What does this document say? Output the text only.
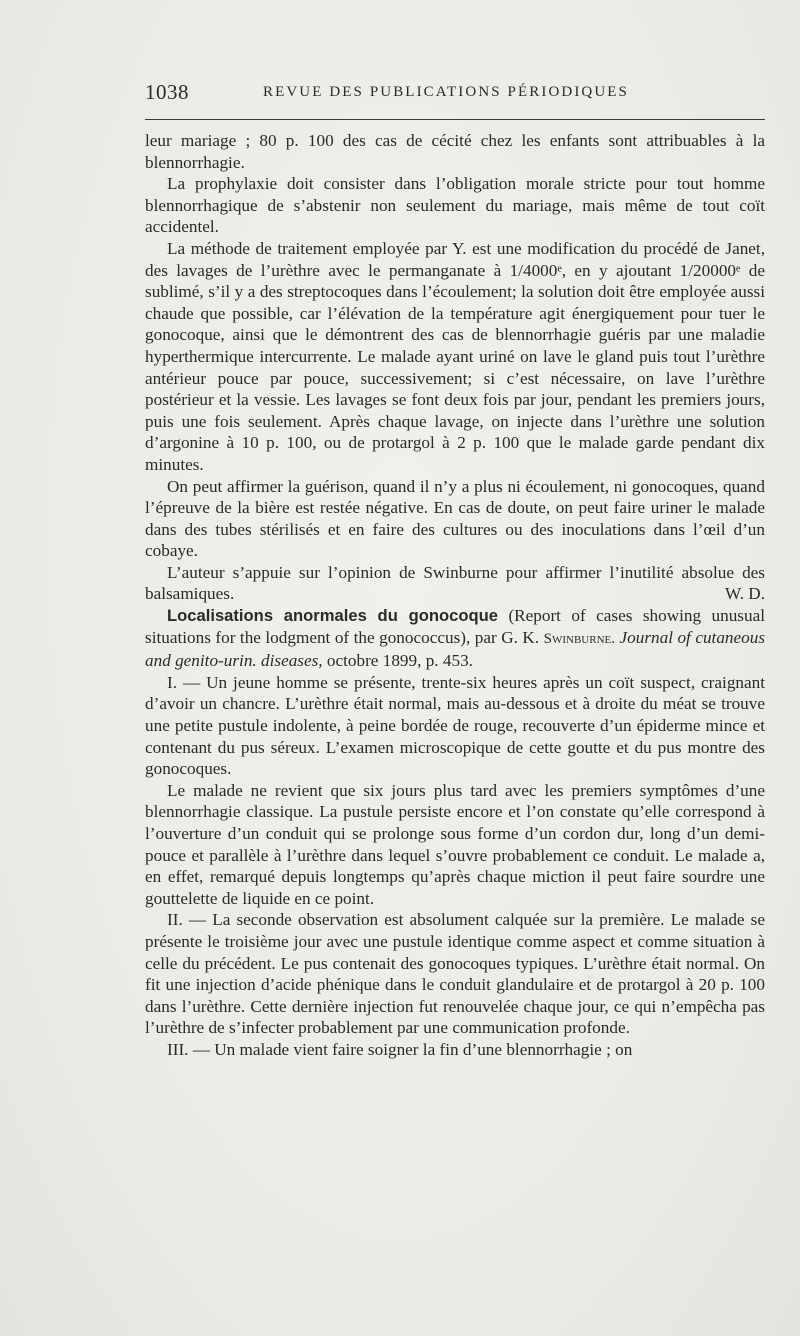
1038	REVUE DES PUBLICATIONS PÉRIODIQUES

leur mariage ; 80 p. 100 des cas de cécité chez les enfants sont attribuables à la blennorrhagie.

La prophylaxie doit consister dans l’obligation morale stricte pour tout homme blennorrhagique de s’abstenir non seulement du mariage, mais même de tout coït accidentel.

La méthode de traitement employée par Y. est une modification du procédé de Janet, des lavages de l’urèthre avec le permanganate à 1/4000ᵉ, en y ajoutant 1/20000ᵉ de sublimé, s’il y a des streptocoques dans l’écoulement; la solution doit être employée aussi chaude que possible, car l’élévation de la température agit énergiquement pour tuer le gonocoque, ainsi que le démontrent des cas de blennorrhagie guéris par une maladie hyperthermique intercurrente. Le malade ayant uriné on lave le gland puis tout l’urèthre antérieur pouce par pouce, successivement; si c’est nécessaire, on lave l’urèthre postérieur et la vessie. Les lavages se font deux fois par jour, pendant les premiers jours, puis une fois seulement. Après chaque lavage, on injecte dans l’urèthre une solution d’argonine à 10 p. 100, ou de protargol à 2 p. 100 que le malade garde pendant dix minutes.

On peut affirmer la guérison, quand il n’y a plus ni écoulement, ni gonocoques, quand l’épreuve de la bière est restée négative. En cas de doute, on peut faire uriner le malade dans des tubes stérilisés et en faire des cultures ou des inoculations dans l’œil d’un cobaye.

L’auteur s’appuie sur l’opinion de Swinburne pour affirmer l’inutilité absolue des balsamiques.	W. D.

Localisations anormales du gonocoque (Report of cases showing unusual situations for the lodgment of the gonococcus), par G. K. Swinburne. Journal of cutaneous and genito-urin. diseases, octobre 1899, p. 453.

I. — Un jeune homme se présente, trente-six heures après un coït suspect, craignant d’avoir un chancre. L’urèthre était normal, mais au-dessous et à droite du méat se trouve une petite pustule indolente, à peine bordée de rouge, recouverte d’un épiderme mince et contenant du pus séreux. L’examen microscopique de cette goutte et du pus montre des gonocoques.

Le malade ne revient que six jours plus tard avec les premiers symptômes d’une blennorrhagie classique. La pustule persiste encore et l’on constate qu’elle correspond à l’ouverture d’un conduit qui se prolonge sous forme d’un cordon dur, long d’un demi-pouce et parallèle à l’urèthre dans lequel s’ouvre probablement ce conduit. Le malade a, en effet, remarqué depuis longtemps qu’après chaque miction il peut faire sourdre une gouttelette de liquide en ce point.

II. — La seconde observation est absolument calquée sur la première. Le malade se présente le troisième jour avec une pustule identique comme aspect et comme situation à celle du précédent. Le pus contenait des gonocoques typiques. L’urèthre était normal. On fit une injection d’acide phénique dans le conduit glandulaire et de protargol à 20 p. 100 dans l’urèthre. Cette dernière injection fut renouvelée chaque jour, ce qui n’empêcha pas l’urèthre de s’infecter probablement par une communication profonde.

III. — Un malade vient faire soigner la fin d’une blennorrhagie ; on
